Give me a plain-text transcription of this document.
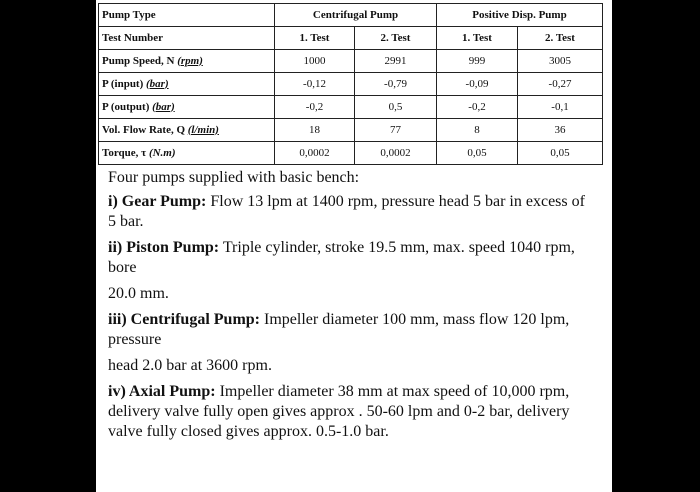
Pump Type	Centrifugal Pump		Positive Disp. Pump	
Test Number	1. Test	2. Test	1. Test	2. Test
Pump Speed, N (rpm)	1000	2991	999	3005
P (input) (bar)	-0,12	-0,79	-0,09	-0,27
P (output) (bar)	-0,2	0,5	-0,2	-0,1
Vol. Flow Rate, Q (l/min)	18	77	8	36
Torque, τ (N.m)	0,0002	0,0002	0,05	0,05

Four pumps supplied with basic bench:

i) Gear Pump: Flow 13 lpm at 1400 rpm, pressure head 5 bar in excess of 5 bar.

ii) Piston Pump: Triple cylinder, stroke 19.5 mm, max. speed 1040 rpm, bore

20.0 mm.

iii) Centrifugal Pump: Impeller diameter 100 mm, mass flow 120 lpm, pressure

head 2.0 bar at 3600 rpm.

iv) Axial Pump: Impeller diameter 38 mm at max speed of 10,000 rpm, delivery valve fully open gives approx . 50-60 lpm and 0-2 bar, delivery valve fully closed gives approx. 0.5-1.0 bar.
